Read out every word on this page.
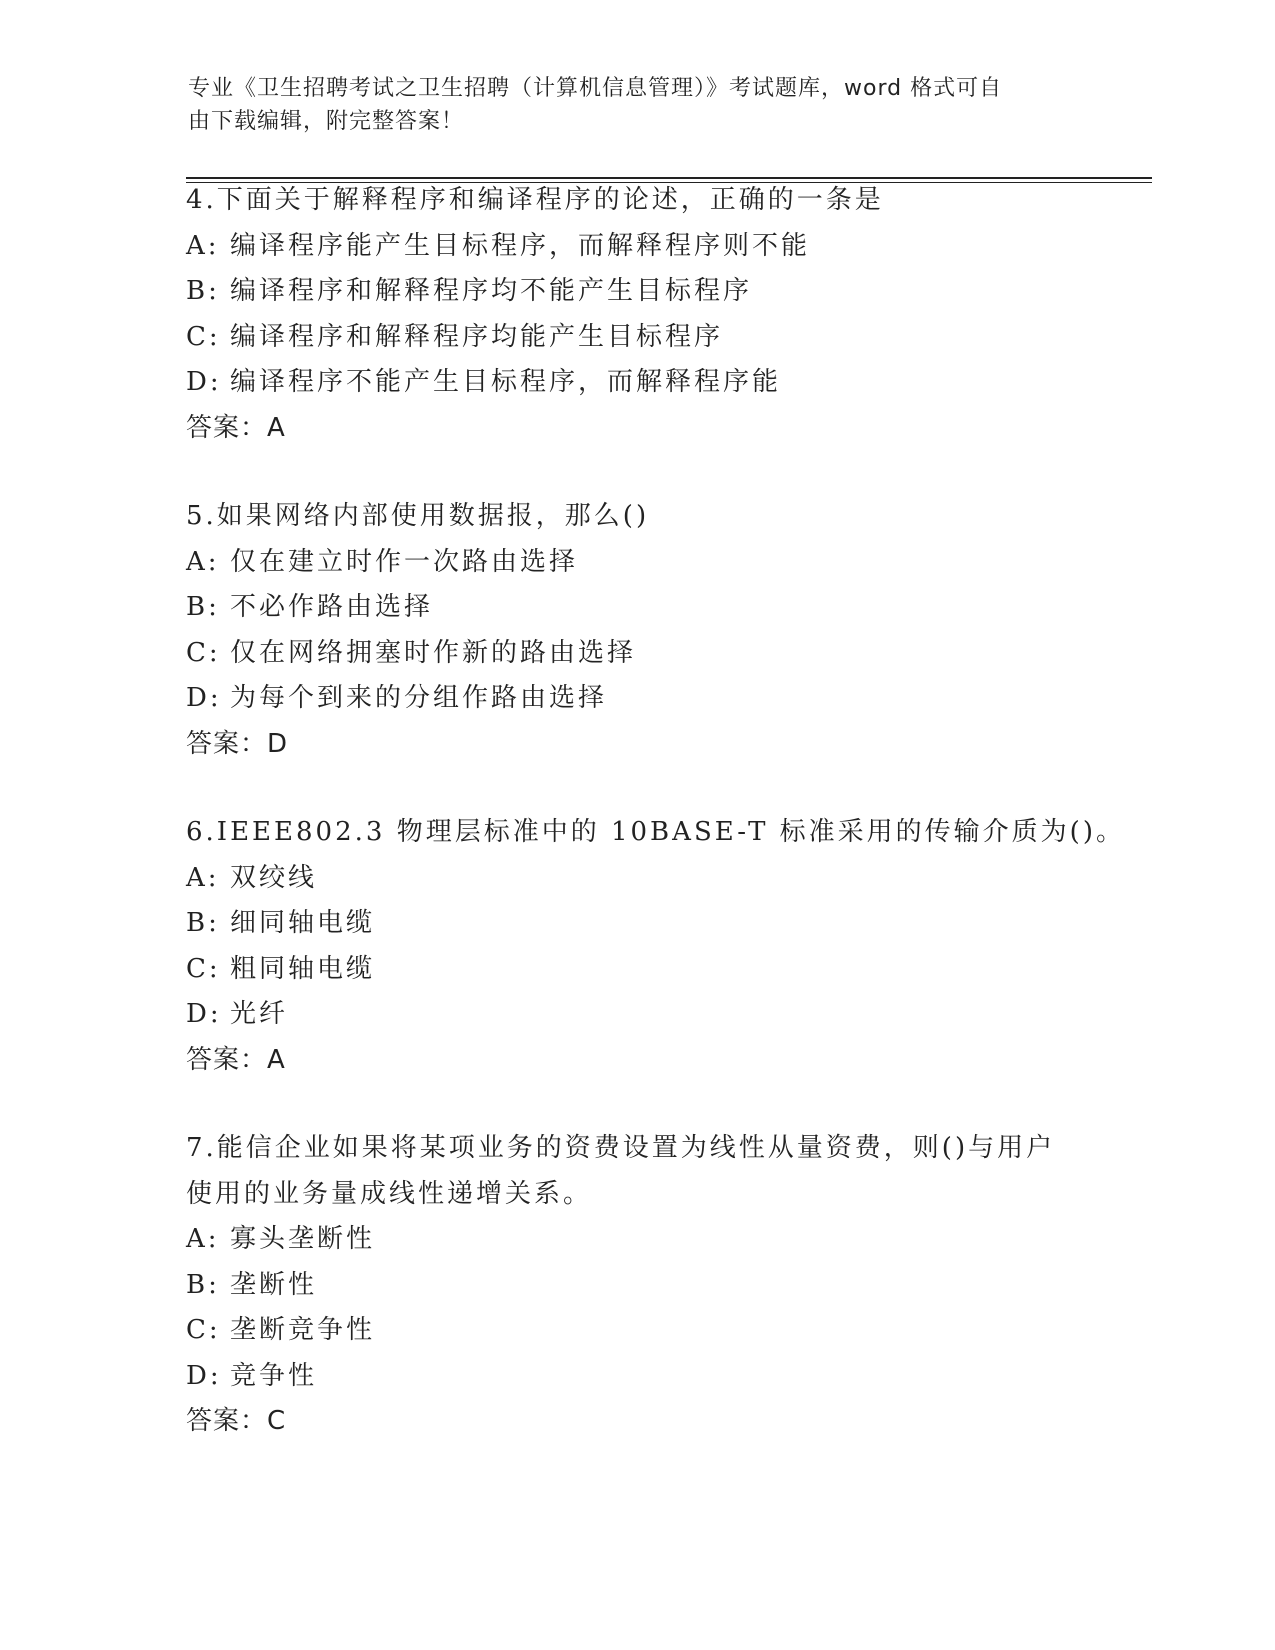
专业《卫生招聘考试之卫生招聘（计算机信息管理）》考试题库，word 格式可自
由下载编辑，附完整答案！
4.下面关于解释程序和编译程序的论述，正确的一条是
A: 编译程序能产生目标程序，而解释程序则不能
B: 编译程序和解释程序均不能产生目标程序
C: 编译程序和解释程序均能产生目标程序
D: 编译程序不能产生目标程序，而解释程序能
答案：A
5.如果网络内部使用数据报，那么()
A: 仅在建立时作一次路由选择
B: 不必作路由选择
C: 仅在网络拥塞时作新的路由选择
D: 为每个到来的分组作路由选择
答案：D
6.IEEE802.3 物理层标准中的 10BASE-T 标准采用的传输介质为()。
A: 双绞线
B: 细同轴电缆
C: 粗同轴电缆
D: 光纤
答案：A
7.能信企业如果将某项业务的资费设置为线性从量资费，则()与用户
使用的业务量成线性递增关系。
A: 寡头垄断性
B: 垄断性
C: 垄断竞争性
D: 竞争性
答案：C
